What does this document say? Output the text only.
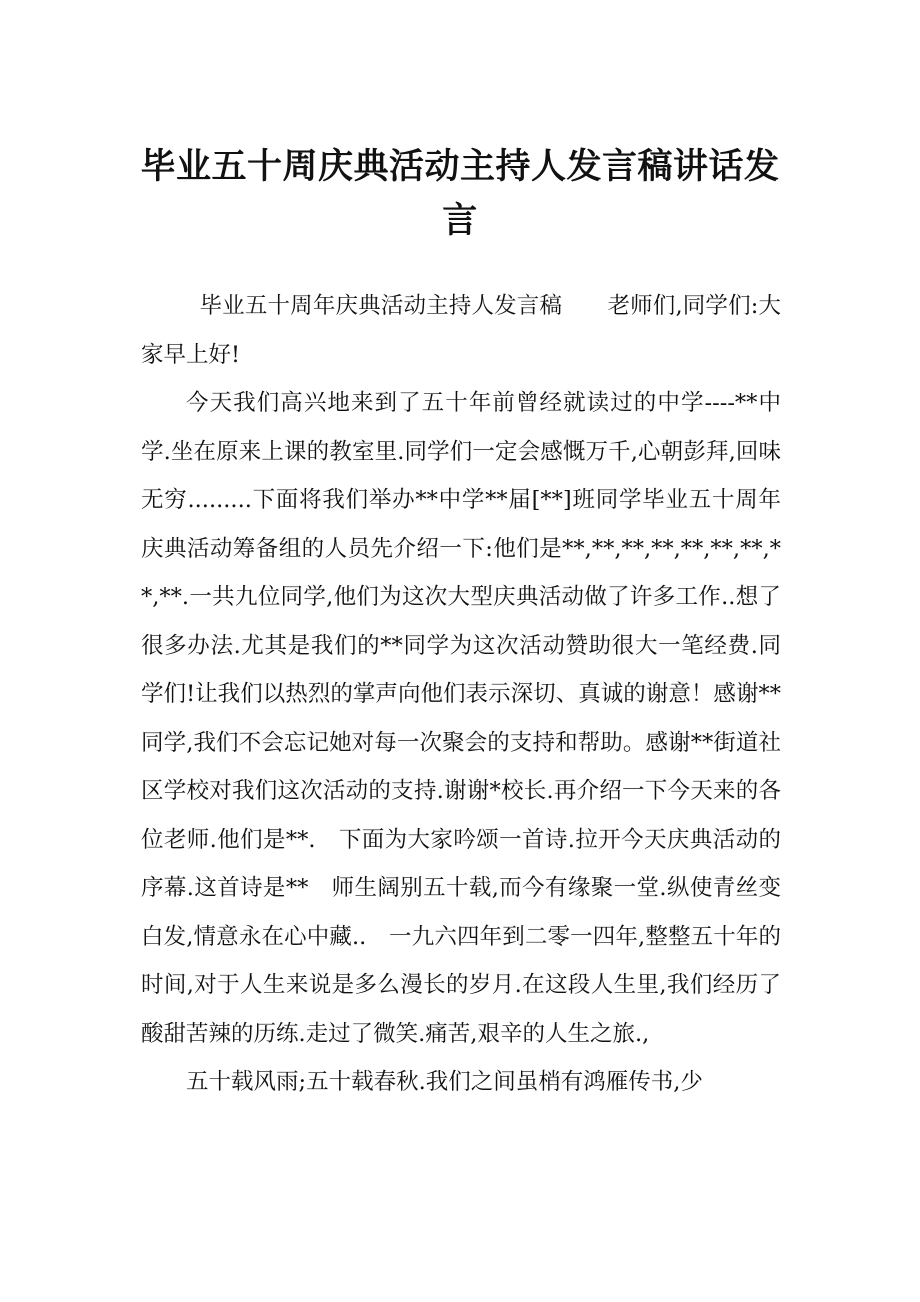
毕业五十周庆典活动主持人发言稿讲话发言

毕业五十周年庆典活动主持人发言稿　　老师们,同学们:大家早上好!

今天我们高兴地来到了五十年前曾经就读过的中学----**中学.坐在原来上课的教室里.同学们一定会感慨万千,心朝彭拜,回味无穷.........下面将我们举办**中学**届[**]班同学毕业五十周年庆典活动筹备组的人员先介绍一下:他们是**,**,**,**,**,**,**,**,**.一共九位同学,他们为这次大型庆典活动做了许多工作..想了很多办法.尤其是我们的**同学为这次活动赞助很大一笔经费.同学们!让我们以热烈的掌声向他们表示深切、真诚的谢意！感谢**同学,我们不会忘记她对每一次聚会的支持和帮助。感谢**街道社区学校对我们这次活动的支持.谢谢*校长.再介绍一下今天来的各位老师.他们是**.　下面为大家吟颂一首诗.拉开今天庆典活动的序幕.这首诗是**　师生阔别五十载,而今有缘聚一堂.纵使青丝变白发,情意永在心中藏..　一九六四年到二零一四年,整整五十年的时间,对于人生来说是多么漫长的岁月.在这段人生里,我们经历了酸甜苦辣的历练.走过了微笑.痛苦,艰辛的人生之旅.,

五十载风雨;五十载春秋.我们之间虽梢有鸿雁传书,少
